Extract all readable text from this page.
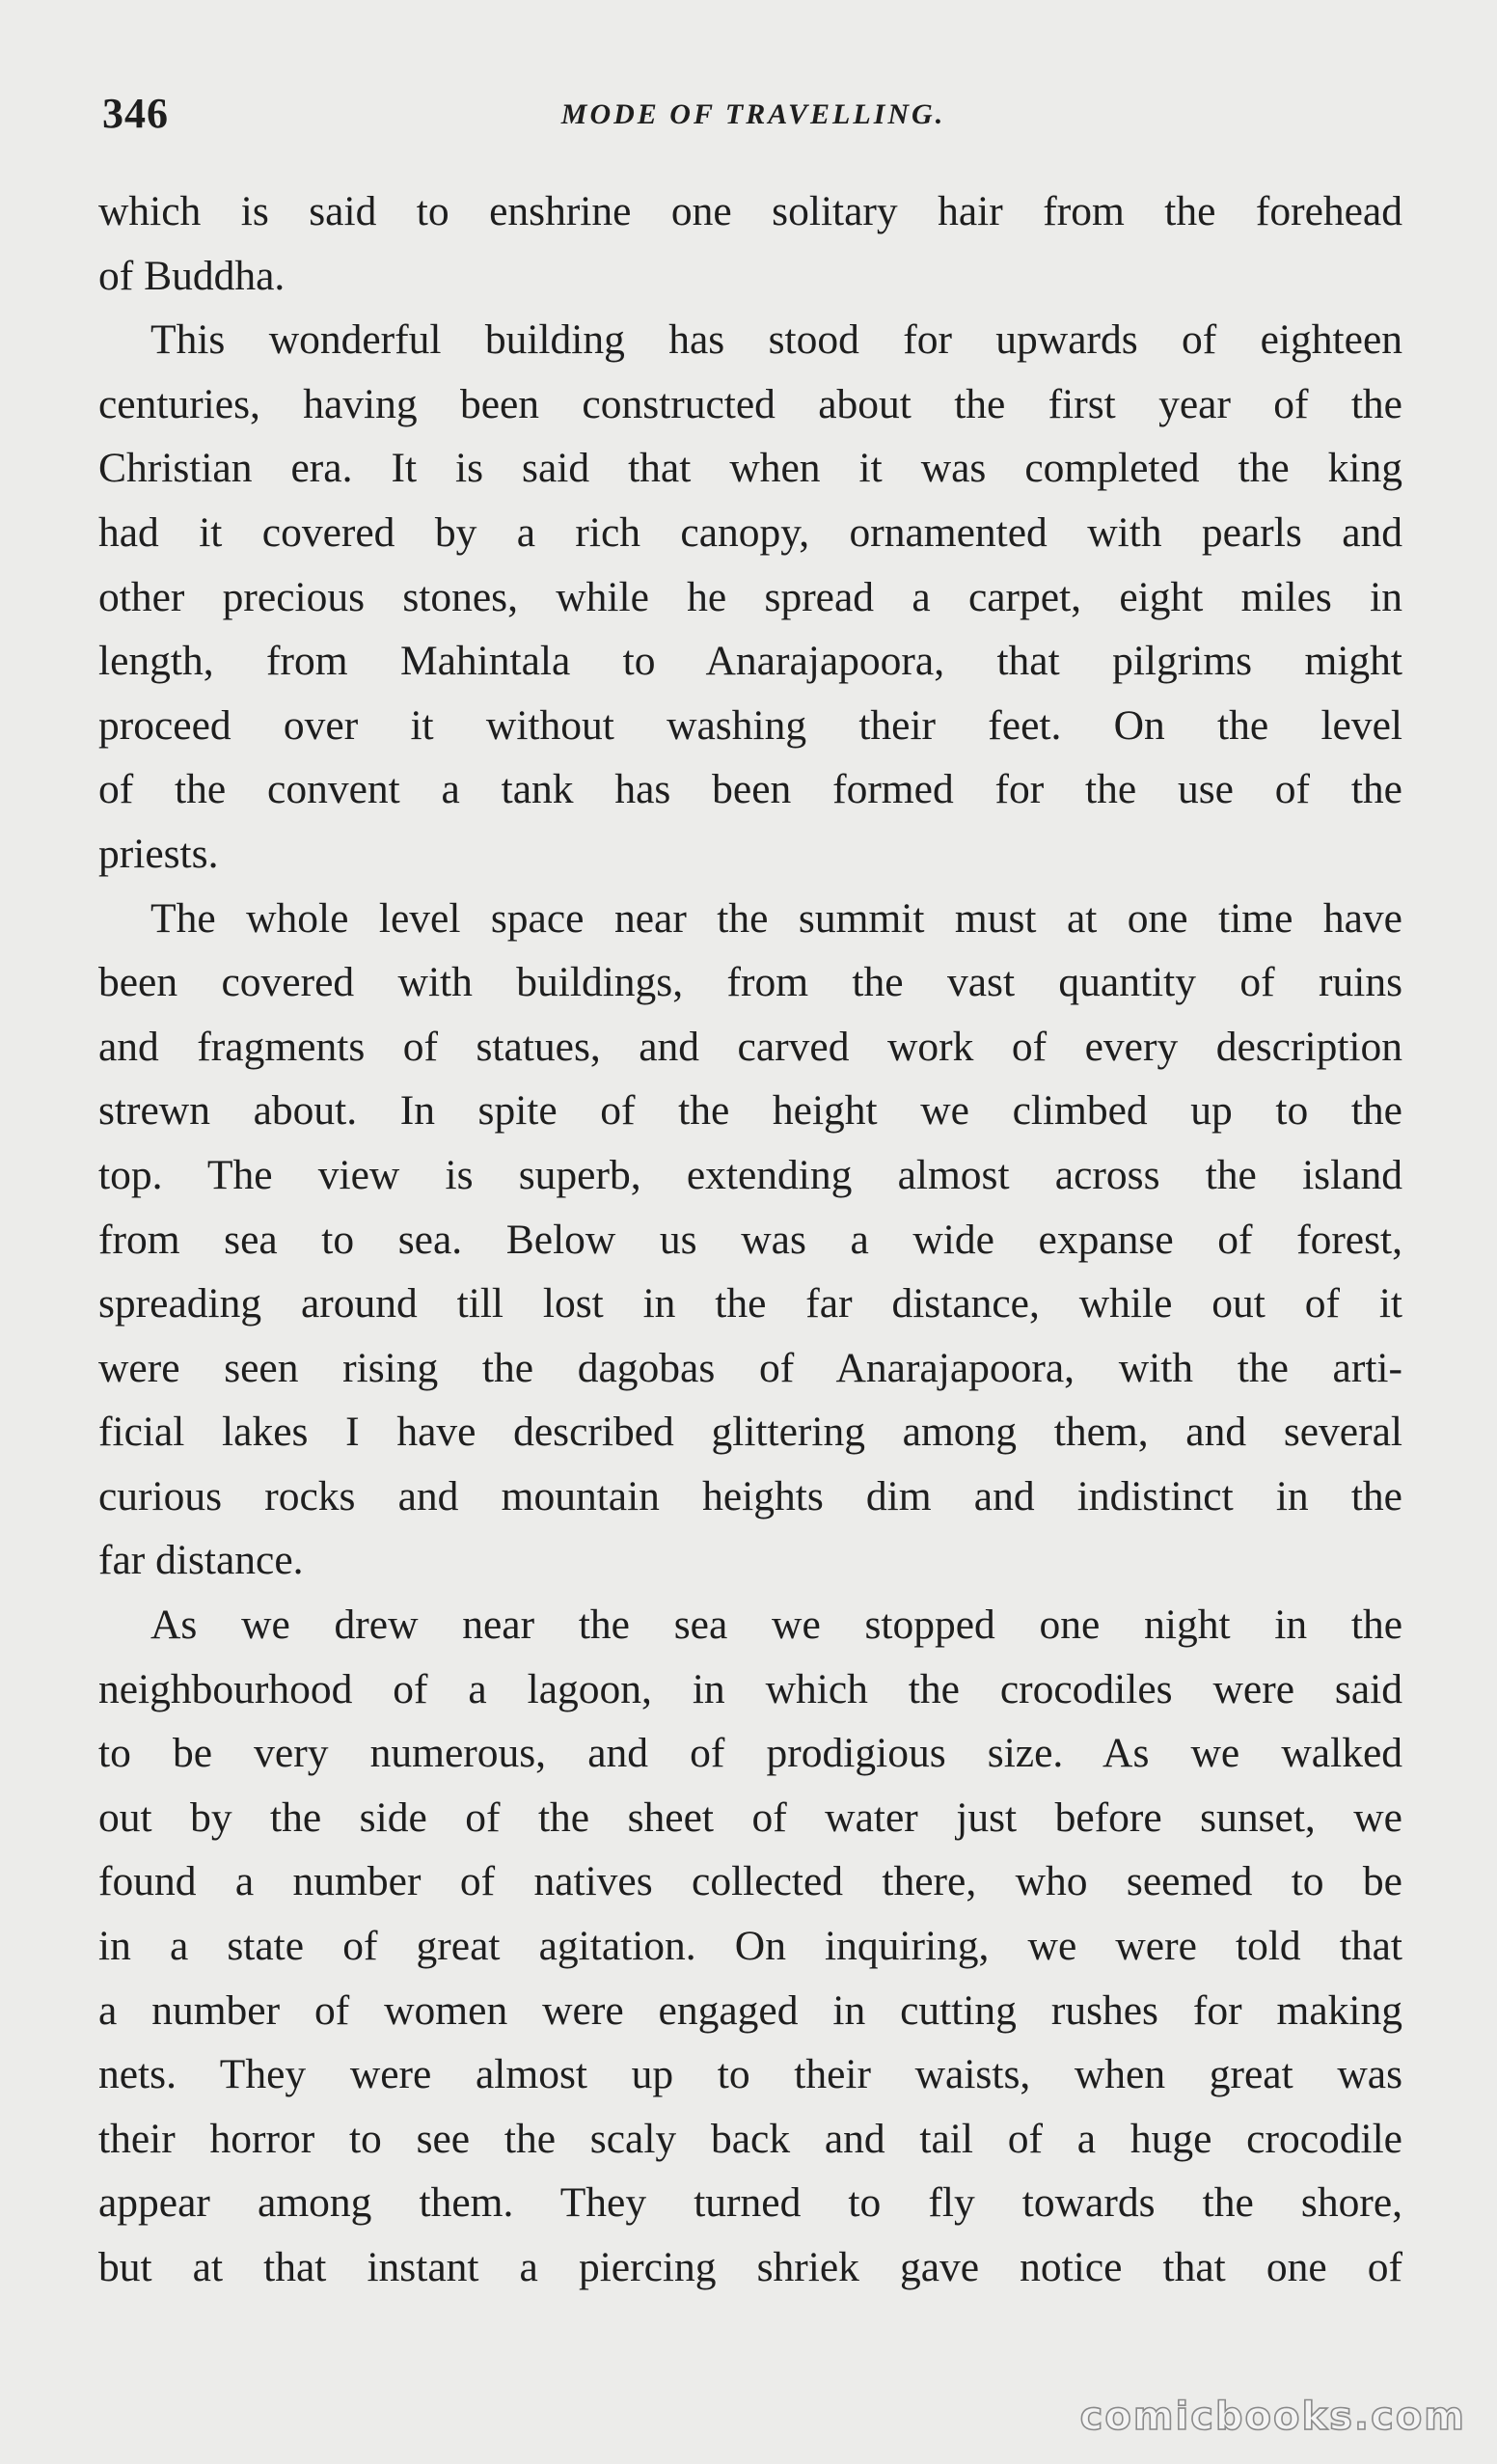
346	MODE OF TRAVELLING.
which is said to enshrine one solitary hair from the forehead
of Buddha.
This wonderful building has stood for upwards of eighteen
centuries, having been constructed about the first year of the
Christian era. It is said that when it was completed the king
had it covered by a rich canopy, ornamented with pearls and
other precious stones, while he spread a carpet, eight miles in
length, from Mahintala to Anarajapoora, that pilgrims might
proceed over it without washing their feet. On the level
of the convent a tank has been formed for the use of the
priests.
The whole level space near the summit must at one time have
been covered with buildings, from the vast quantity of ruins
and fragments of statues, and carved work of every description
strewn about. In spite of the height we climbed up to the
top. The view is superb, extending almost across the island
from sea to sea. Below us was a wide expanse of forest,
spreading around till lost in the far distance, while out of it
were seen rising the dagobas of Anarajapoora, with the arti-
ficial lakes I have described glittering among them, and several
curious rocks and mountain heights dim and indistinct in the
far distance.
As we drew near the sea we stopped one night in the
neighbourhood of a lagoon, in which the crocodiles were said
to be very numerous, and of prodigious size. As we walked
out by the side of the sheet of water just before sunset, we
found a number of natives collected there, who seemed to be
in a state of great agitation. On inquiring, we were told that
a number of women were engaged in cutting rushes for making
nets. They were almost up to their waists, when great was
their horror to see the scaly back and tail of a huge crocodile
appear among them. They turned to fly towards the shore,
but at that instant a piercing shriek gave notice that one of
comicbooks.com
